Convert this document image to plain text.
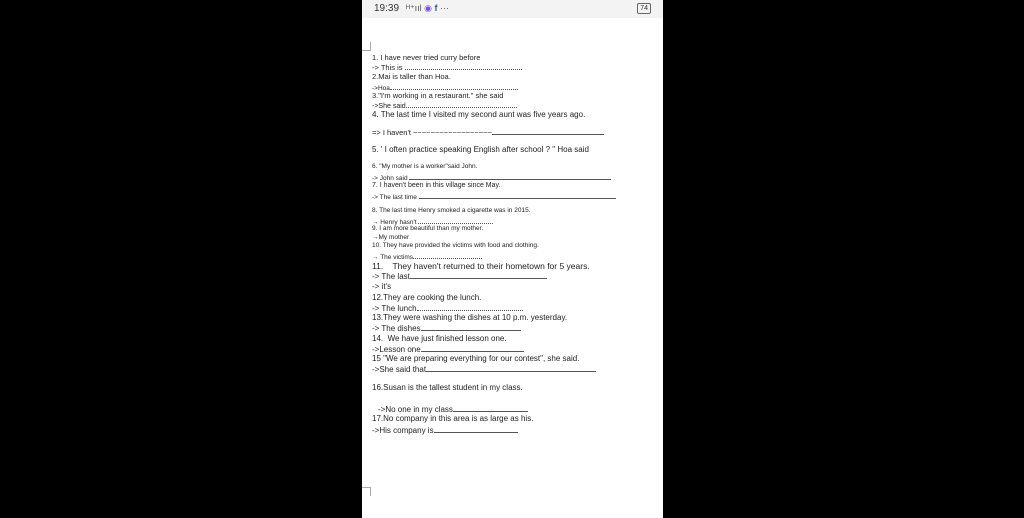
19:39 ᴴ⁺ııl ◉ f ···	74
1. I have never tried curry before
-> This is
2.Mai is taller than Hoa.
->Hoa
3."I'm working in a restaurant." she said
->She said
4. The last time I visited my second aunt was five years ago.
=> I haven't ~~~~~~~~~~~~~~~~~~
5. ' I often practice speaking English after school ? " Hoa said
6. "My mother is a worker"said John.
-> John said
7. I haven't been in this village since May.
-> The last time
8. The last time Henry smoked a cigarette was in 2015.
→ Henry hasn't
9. I am more beautiful than my mother.
→My mother
10. They have provided the victims with food and clothing.
→ The victims
11.    They haven't returned to their hometown for 5 years.
-> The last
-> it's
12.They are cooking the lunch.
-> The lunch
13.They were washing the dishes at 10 p.m. yesterday.
-> The dishes
14.  We have just finished lesson one.
->Lesson one
15 "We are preparing everything for our contest", she said.
->She said that
16.Susan is the tallest student in my class.
->No one in my class
17.No company in this area is as large as his.
->His company is
